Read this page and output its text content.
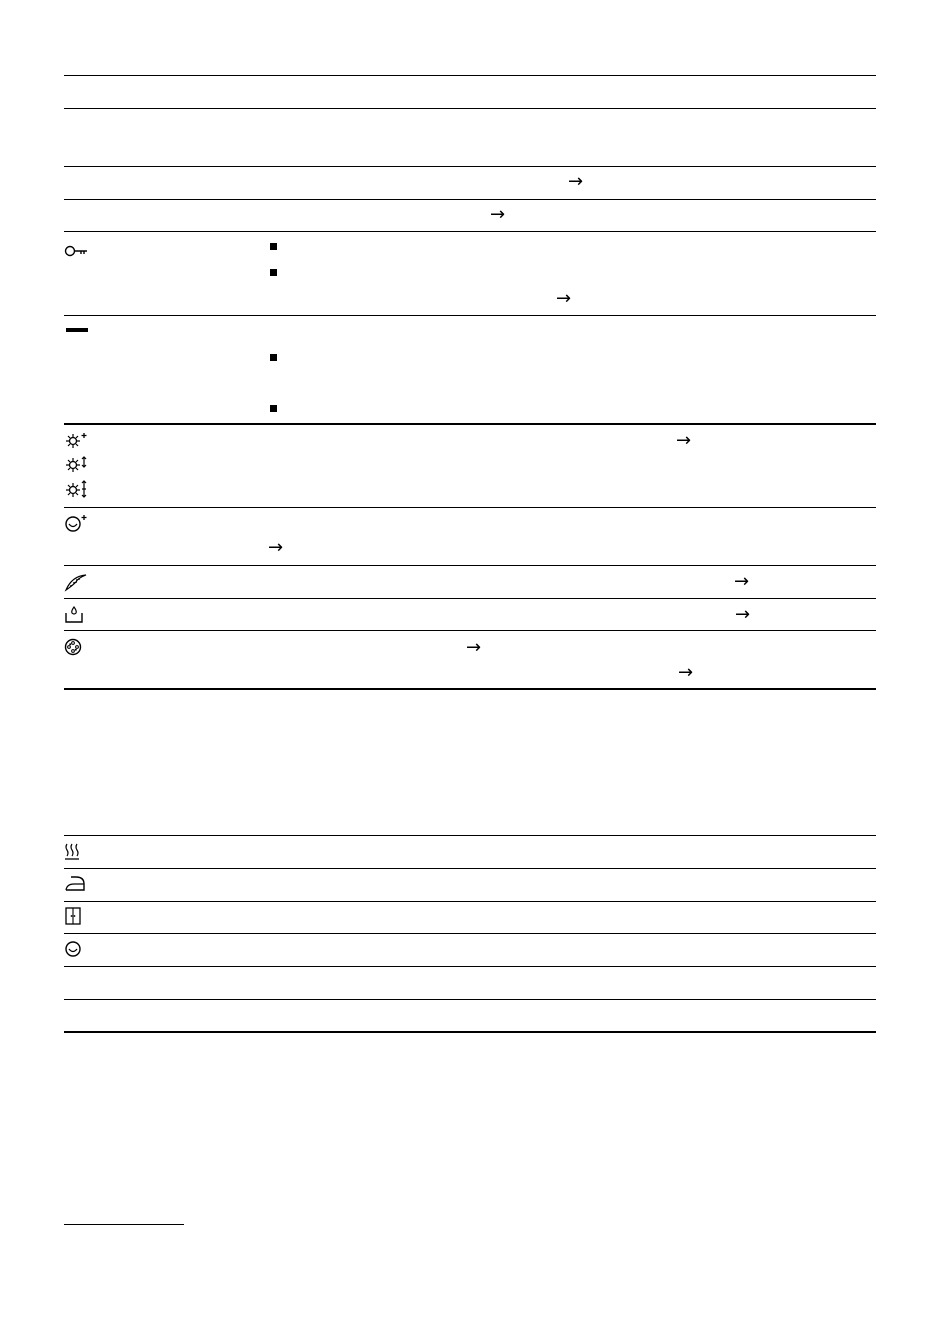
→
→
→
→
→
→
→
→
→
